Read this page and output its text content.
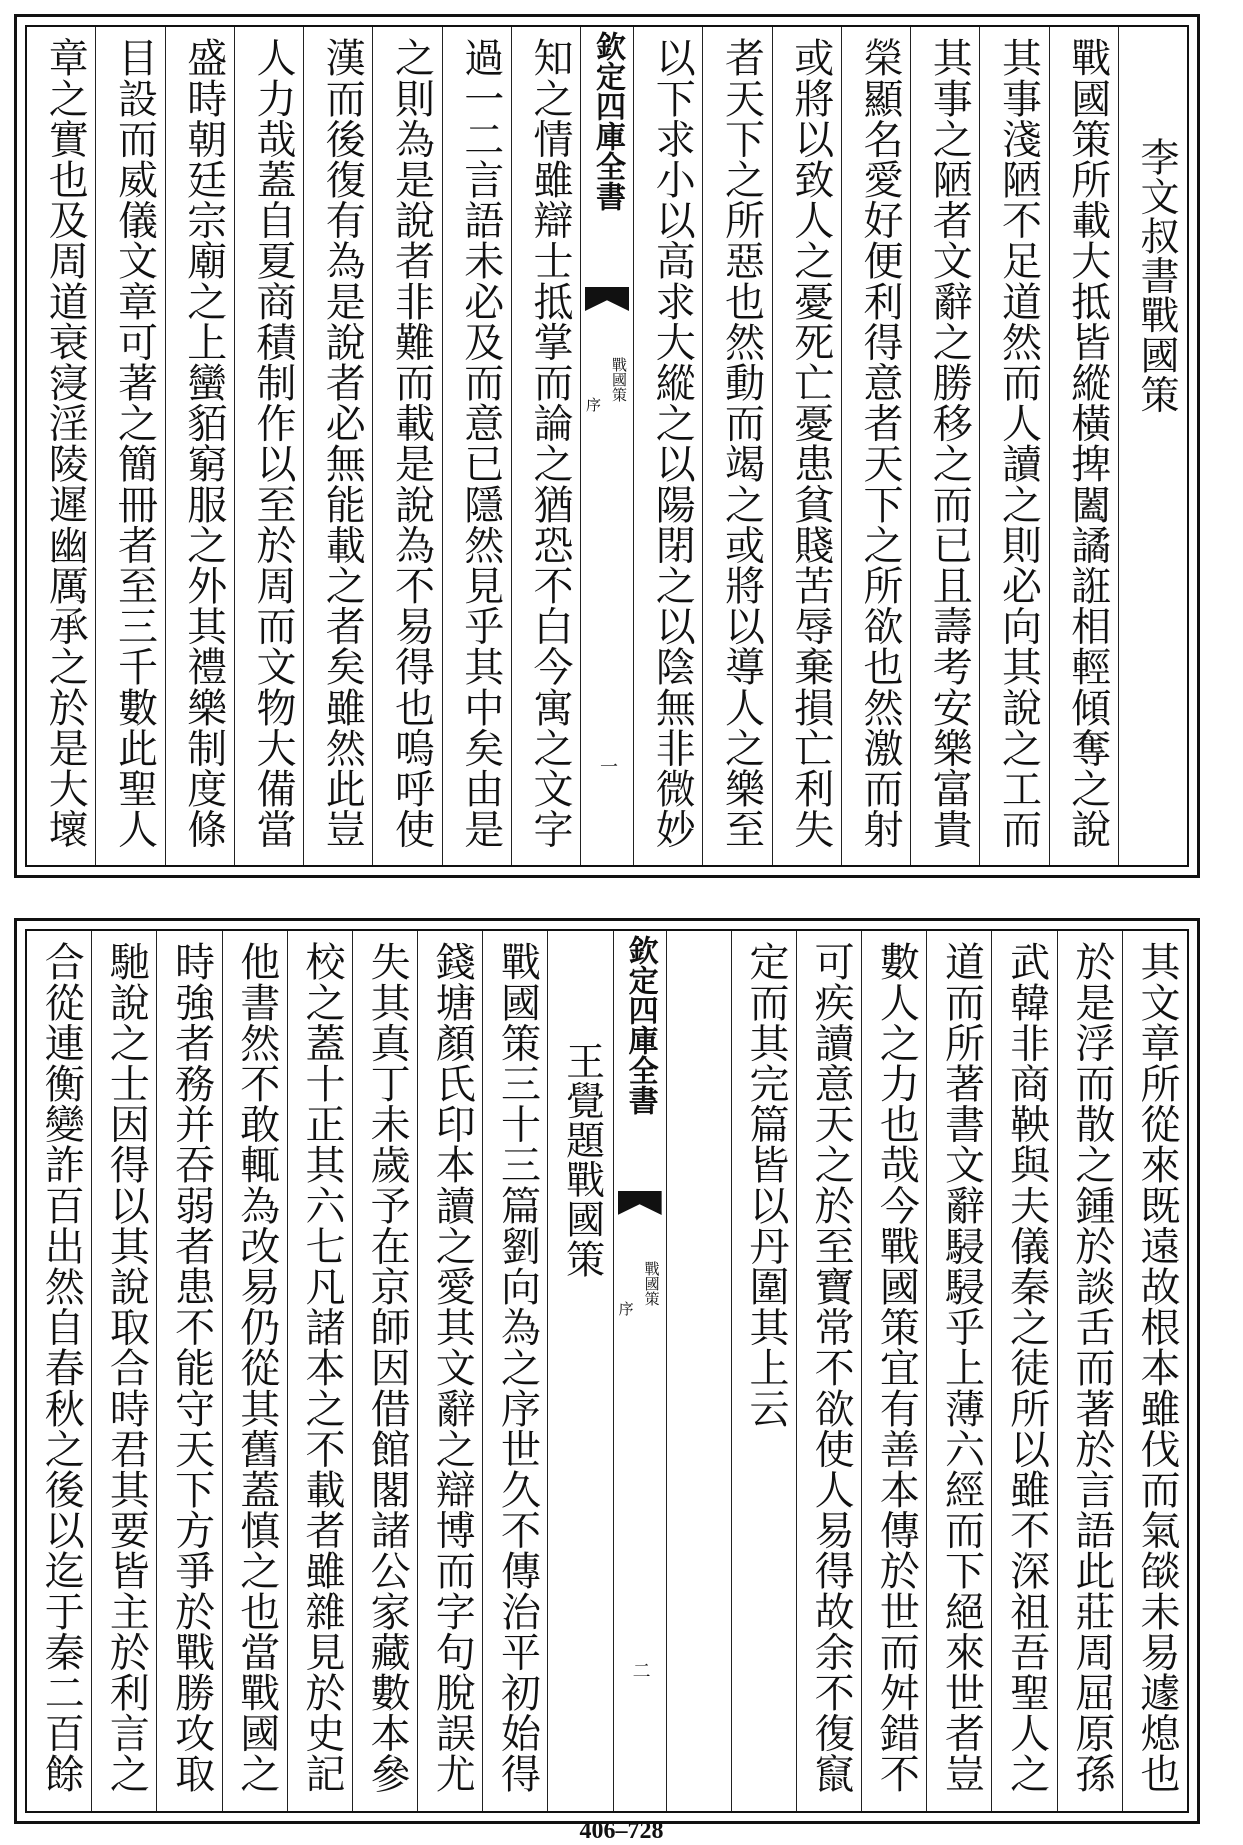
李文叔書戰國策
戰國策所載大抵皆縱橫捭闔譎誑相輕傾奪之說
其事淺陋不足道然而人讀之則必向其說之工而
其事之陋者文辭之勝移之而已且壽考安樂富貴
榮顯名愛好便利得意者天下之所欲也然激而射
或將以致人之憂死亡憂患貧賤苦辱棄損亡利失
者天下之所惡也然動而竭之或將以導人之樂至
以下求小以高求大縱之以陽閉之以陰無非微妙
欽定四庫全書
戰國策
序
一
知之情雖辯士抵掌而論之猶恐不白今寓之文字
過一二言語未必及而意已隱然見乎其中矣由是
之則為是說者非難而載是說為不易得也嗚呼使
漢而後復有為是說者必無能載之者矣雖然此豈
人力哉蓋自夏商積制作以至於周而文物大備當
盛時朝廷宗廟之上蠻貊窮服之外其禮樂制度條
目設而威儀文章可著之簡冊者至三千數此聖人
章之實也及周道衰寖淫陵遲幽厲承之於是大壞
其文章所從來既遠故根本雖伐而氣燄未易遽熄也
於是浮而散之鍾於談舌而著於言語此莊周屈原孫
武韓非商鞅與夫儀秦之徒所以雖不深祖吾聖人之
道而所著書文辭駸駸乎上薄六經而下絕來世者豈
數人之力也哉今戰國策宜有善本傳於世而舛錯不
可疾讀意天之於至寶常不欲使人易得故余不復竄
定而其完篇皆以丹圍其上云
欽定四庫全書
戰國策
序
二
王覺題戰國策
戰國策三十三篇劉向為之序世久不傳治平初始得
錢塘顏氏印本讀之愛其文辭之辯博而字句脫誤尤
失其真丁未歲予在京師因借館閣諸公家藏數本參
校之蓋十正其六七凡諸本之不載者雖雜見於史記
他書然不敢輒為改易仍從其舊蓋慎之也當戰國之
時強者務并吞弱者患不能守天下方爭於戰勝攻取
馳說之士因得以其說取合時君其要皆主於利言之
合從連衡變詐百出然自春秋之後以迄于秦二百餘
406–728
